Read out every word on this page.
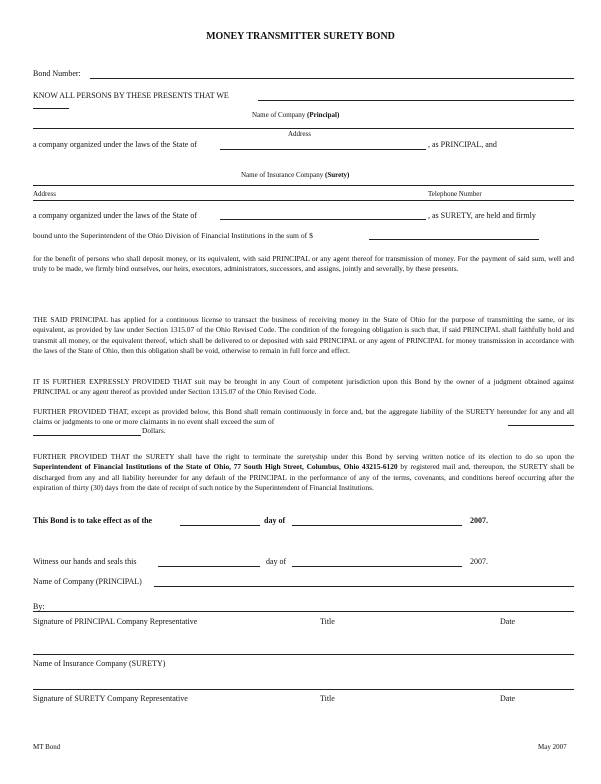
MONEY TRANSMITTER SURETY BOND
Bond Number:
KNOW ALL PERSONS BY THESE PRESENTS THAT WE
Name of Company (Principal)
Address
a company organized under the laws of the State of	, as PRINCIPAL, and
Name of Insurance Company (Surety)
Address	Telephone Number
a company organized under the laws of the State of	, as SURETY, are held and firmly
bound unto the Superintendent of the Ohio Division of Financial Institutions in the sum of $
for the benefit of persons who shall deposit money, or its equivalent, with said PRINCIPAL or any agent thereof for transmission of money. For the payment of said sum, well and truly to be made, we firmly bind ourselves, our heirs, executors, administrators, successors, and assigns, jointly and severally, by these presents.
THE SAID PRINCIPAL has applied for a continuous license to transact the business of receiving money in the State of Ohio for the purpose of transmitting the same, or its equivalent, as provided by law under Section 1315.07 of the Ohio Revised Code. The condition of the foregoing obligation is such that, if said PRINCIPAL shall faithfully hold and transmit all money, or the equivalent thereof, which shall be delivered to or deposited with said PRINCIPAL or any agent of PRINCIPAL for money transmission in accordance with the laws of the State of Ohio, then this obligation shall be void, otherwise to remain in full force and effect.
IT IS FURTHER EXPRESSLY PROVIDED THAT suit may be brought in any Court of competent jurisdiction upon this Bond by the owner of a judgment obtained against PRINCIPAL or any agent thereof as provided under Section 1315.07 of the Ohio Revised Code.
FURTHER PROVIDED THAT, except as provided below, this Bond shall remain continuously in force and, but the aggregate liability of the SURETY hereunder for any and all claims or judgments to one or more claimants in no event shall exceed the sum of
Dollars.
FURTHER PROVIDED THAT the SURETY shall have the right to terminate the suretyship under this Bond by serving written notice of its election to do so upon the Superintendent of Financial Institutions of the State of Ohio, 77 South High Street, Columbus, Ohio 43215-6120 by registered mail and, thereupon, the SURETY shall be discharged from any and all liability hereunder for any default of the PRINCIPAL in the performance of any of the terms, covenants, and conditions hereof occurring after the expiration of thirty (30) days from the date of receipt of such notice by the Superintendent of Financial Institutions.
This Bond is to take effect as of the	day of	2007.
Witness our hands and seals this	day of	2007.
Name of Company (PRINCIPAL)
By:
Signature of PRINCIPAL Company Representative	Title	Date
Name of Insurance Company (SURETY)
Signature of SURETY Company Representative	Title	Date
MT Bond	May 2007
